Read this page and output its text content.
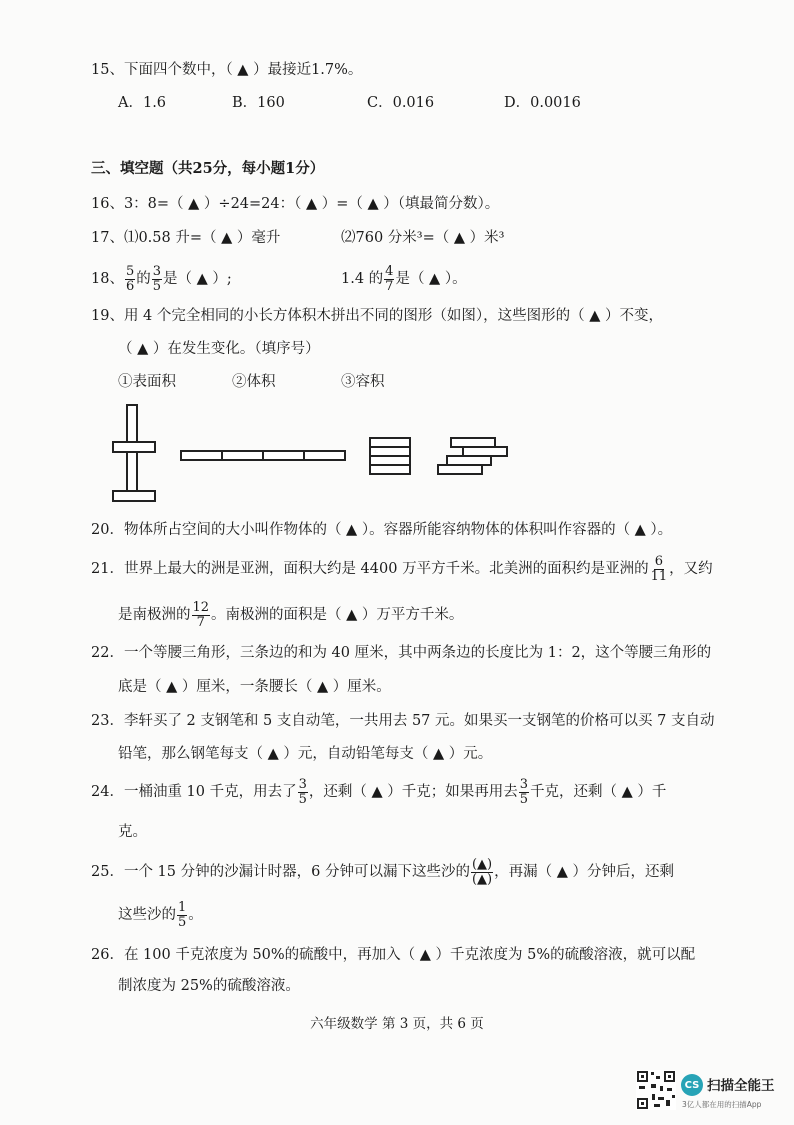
15、下面四个数中，（ ▲ ）最接近1.7%。
A．1.6	B．160	C．0.016	D．0.0016
三、填空题（共25分，每小题1分）
16、3：8=（ ▲ ）÷24=24：（ ▲ ）=（ ▲ ）（填最简分数）。
17、⑴0.58 升=（ ▲ ）毫升	⑵760 分米³=（ ▲ ）米³
18、 $\frac{5}{6}$ 的 $\frac{3}{5}$ 是（ ▲ ）;	1.4 的 $\frac{4}{7}$ 是（ ▲ ）。
19、用 4 个完全相同的小长方体积木拼出不同的图形（如图），这些图形的（ ▲ ）不变，
（ ▲ ）在发生变化。（填序号）
①表面积	②体积	③容积
20．物体所占空间的大小叫作物体的（ ▲ ）。容器所能容纳物体的体积叫作容器的（ ▲ ）。
21．世界上最大的洲是亚洲，面积大约是 4400 万平方千米。北美洲的面积约是亚洲的 $\frac{6}{11}$ ，又约
是南极洲的 $\frac{12}{7}$ 。南极洲的面积是（ ▲ ）万平方千米。
22．一个等腰三角形，三条边的和为 40 厘米，其中两条边的长度比为 1：2，这个等腰三角形的
底是（ ▲ ）厘米，一条腰长（ ▲ ）厘米。
23．李轩买了 2 支钢笔和 5 支自动笔，一共用去 57 元。如果买一支钢笔的价格可以买 7 支自动
铅笔，那么钢笔每支（ ▲ ）元，自动铅笔每支（ ▲ ）元。
24．一桶油重 10 千克，用去了 $\frac{3}{5}$ ，还剩（ ▲ ）千克；如果再用去 $\frac{3}{5}$ 千克，还剩（ ▲ ）千
克。
25．一个 15 分钟的沙漏计时器，6 分钟可以漏下这些沙的 $\frac{(▲)}{(▲)}$ ，再漏（ ▲ ）分钟后，还剩
这些沙的 $\frac{1}{5}$ 。
26．在 100 千克浓度为 50%的硫酸中，再加入（ ▲ ）千克浓度为 5%的硫酸溶液，就可以配
制浓度为 25%的硫酸溶液。
六年级数学 第 3 页，共 6 页
CS 扫描全能王
3亿人都在用的扫描App
